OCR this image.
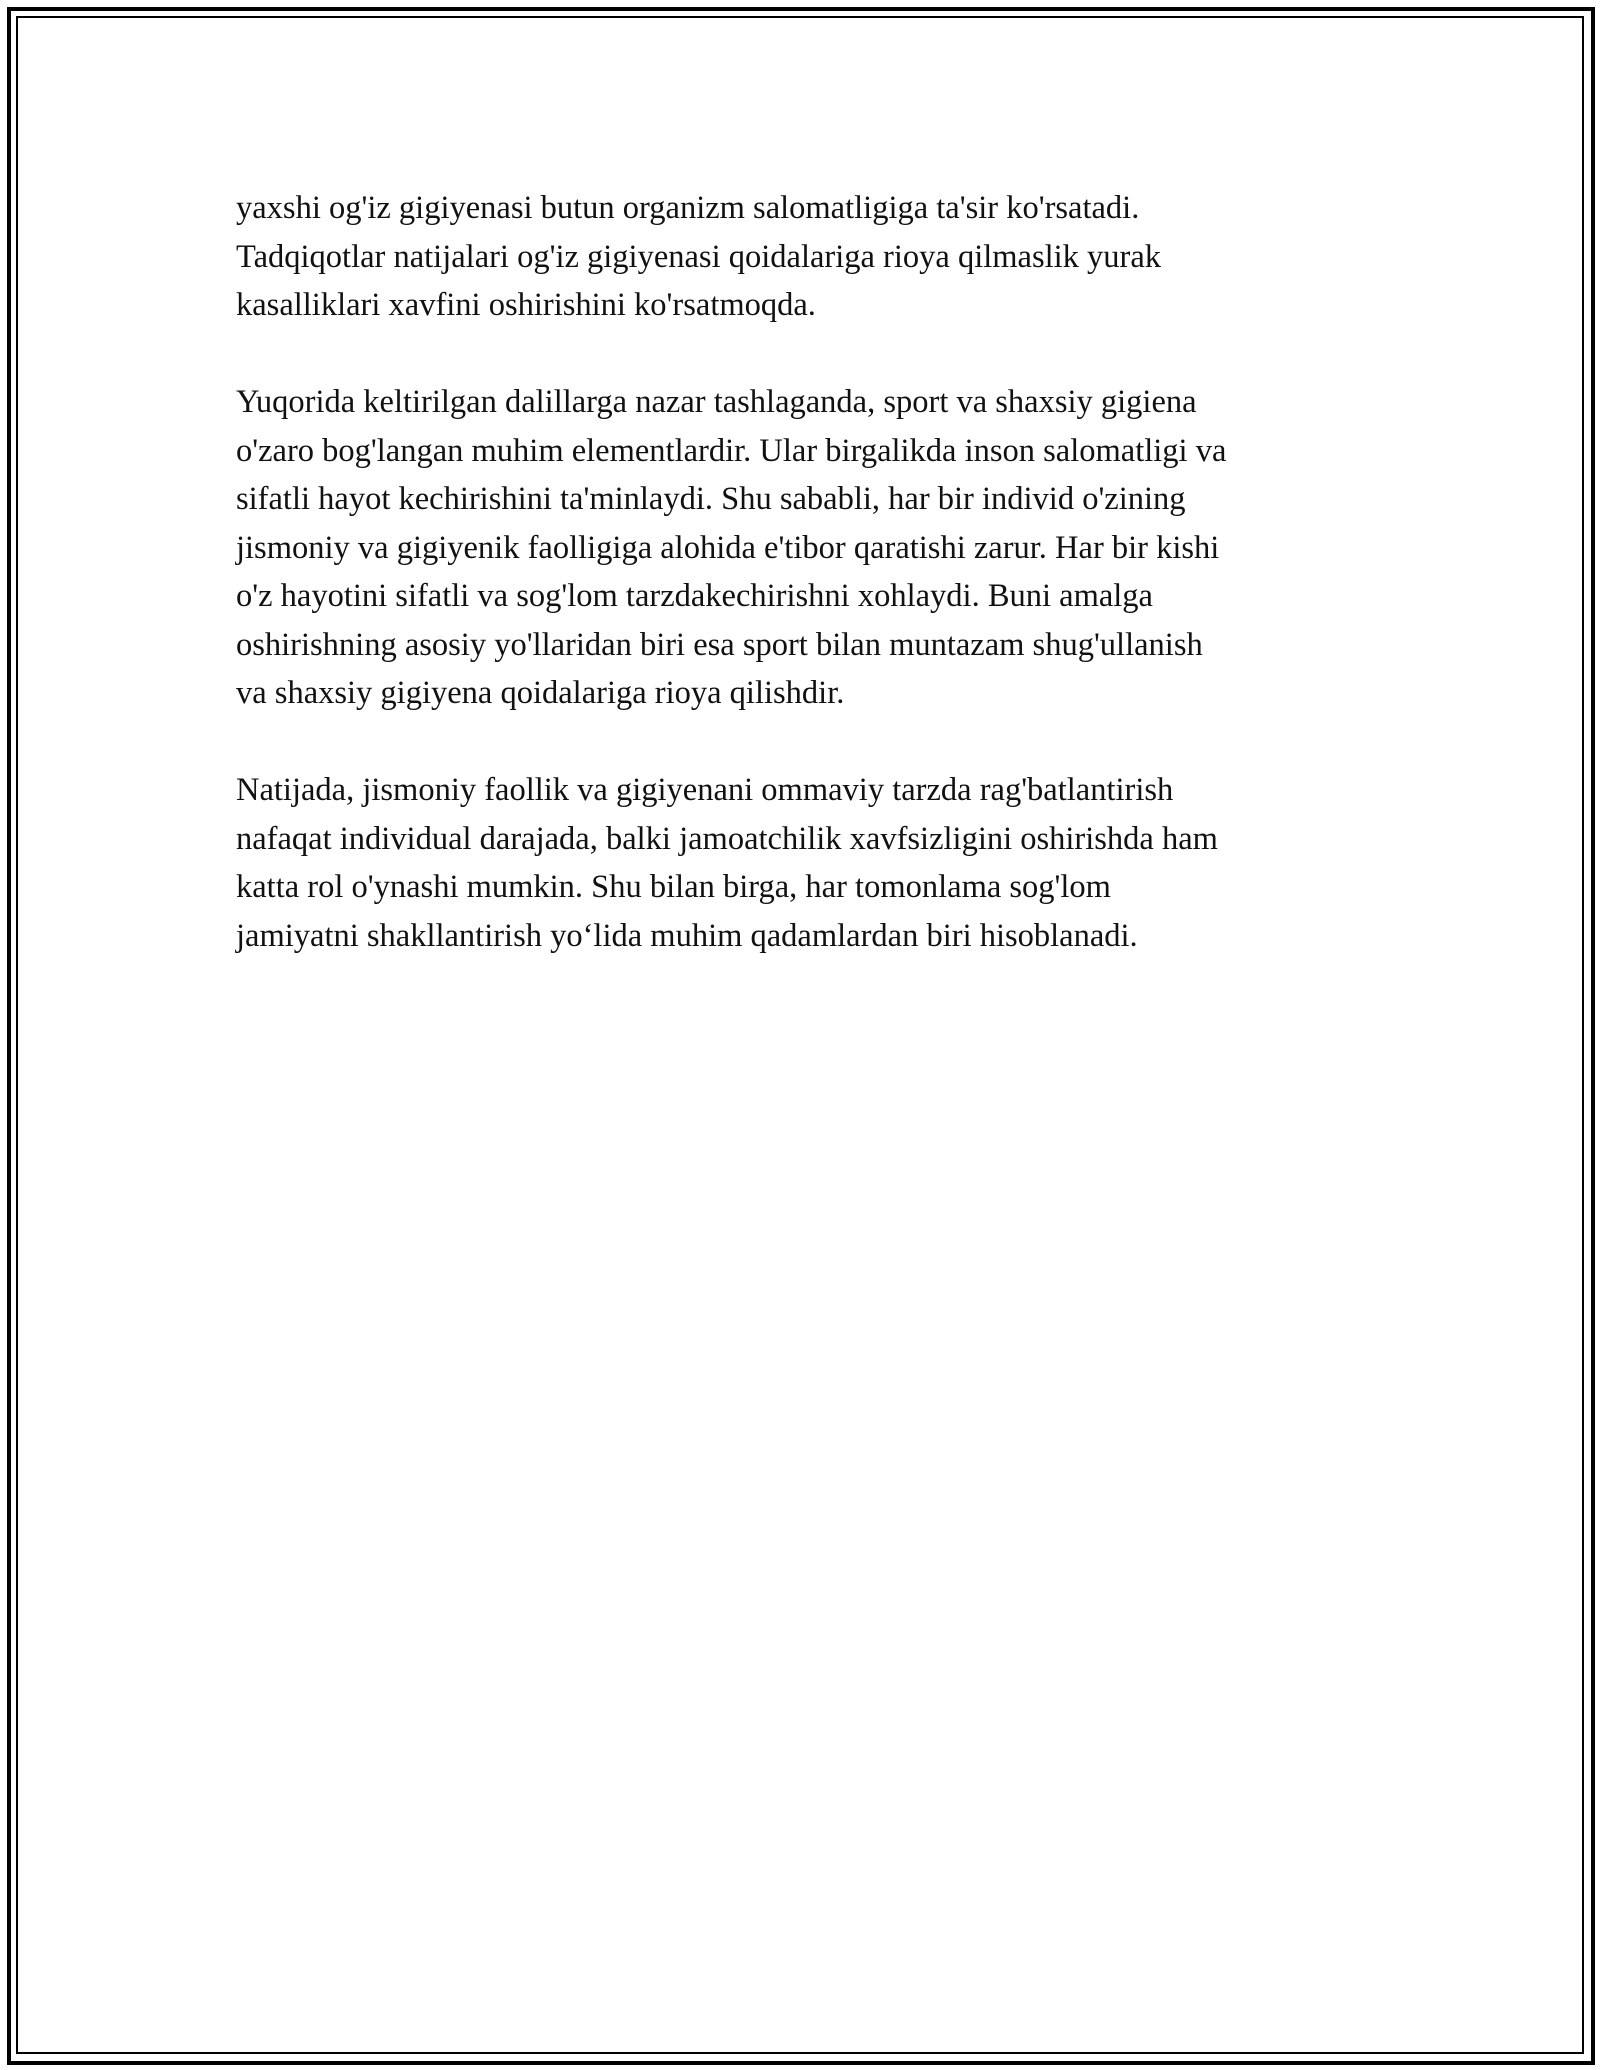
yaxshi og'iz gigiyenasi butun organizm salomatligiga ta'sir ko'rsatadi.
Tadqiqotlar natijalari og'iz gigiyenasi qoidalariga rioya qilmaslik yurak
kasalliklari xavfini oshirishini ko'rsatmoqda.

Yuqorida keltirilgan dalillarga nazar tashlaganda, sport va shaxsiy gigiena
o'zaro bog'langan muhim elementlardir. Ular birgalikda inson salomatligi va
sifatli hayot kechirishini ta'minlaydi. Shu sababli, har bir individ o'zining
jismoniy va gigiyenik faolligiga alohida e'tibor qaratishi zarur. Har bir kishi
o'z hayotini sifatli va sog'lom tarzdakechirishni xohlaydi. Buni amalga
oshirishning asosiy yo'llaridan biri esa sport bilan muntazam shug'ullanish
va shaxsiy gigiyena qoidalariga rioya qilishdir.

Natijada, jismoniy faollik va gigiyenani ommaviy tarzda rag'batlantirish
nafaqat individual darajada, balki jamoatchilik xavfsizligini oshirishda ham
katta rol o'ynashi mumkin. Shu bilan birga, har tomonlama sog'lom
jamiyatni shakllantirish yo‘lida muhim qadamlardan biri hisoblanadi.
